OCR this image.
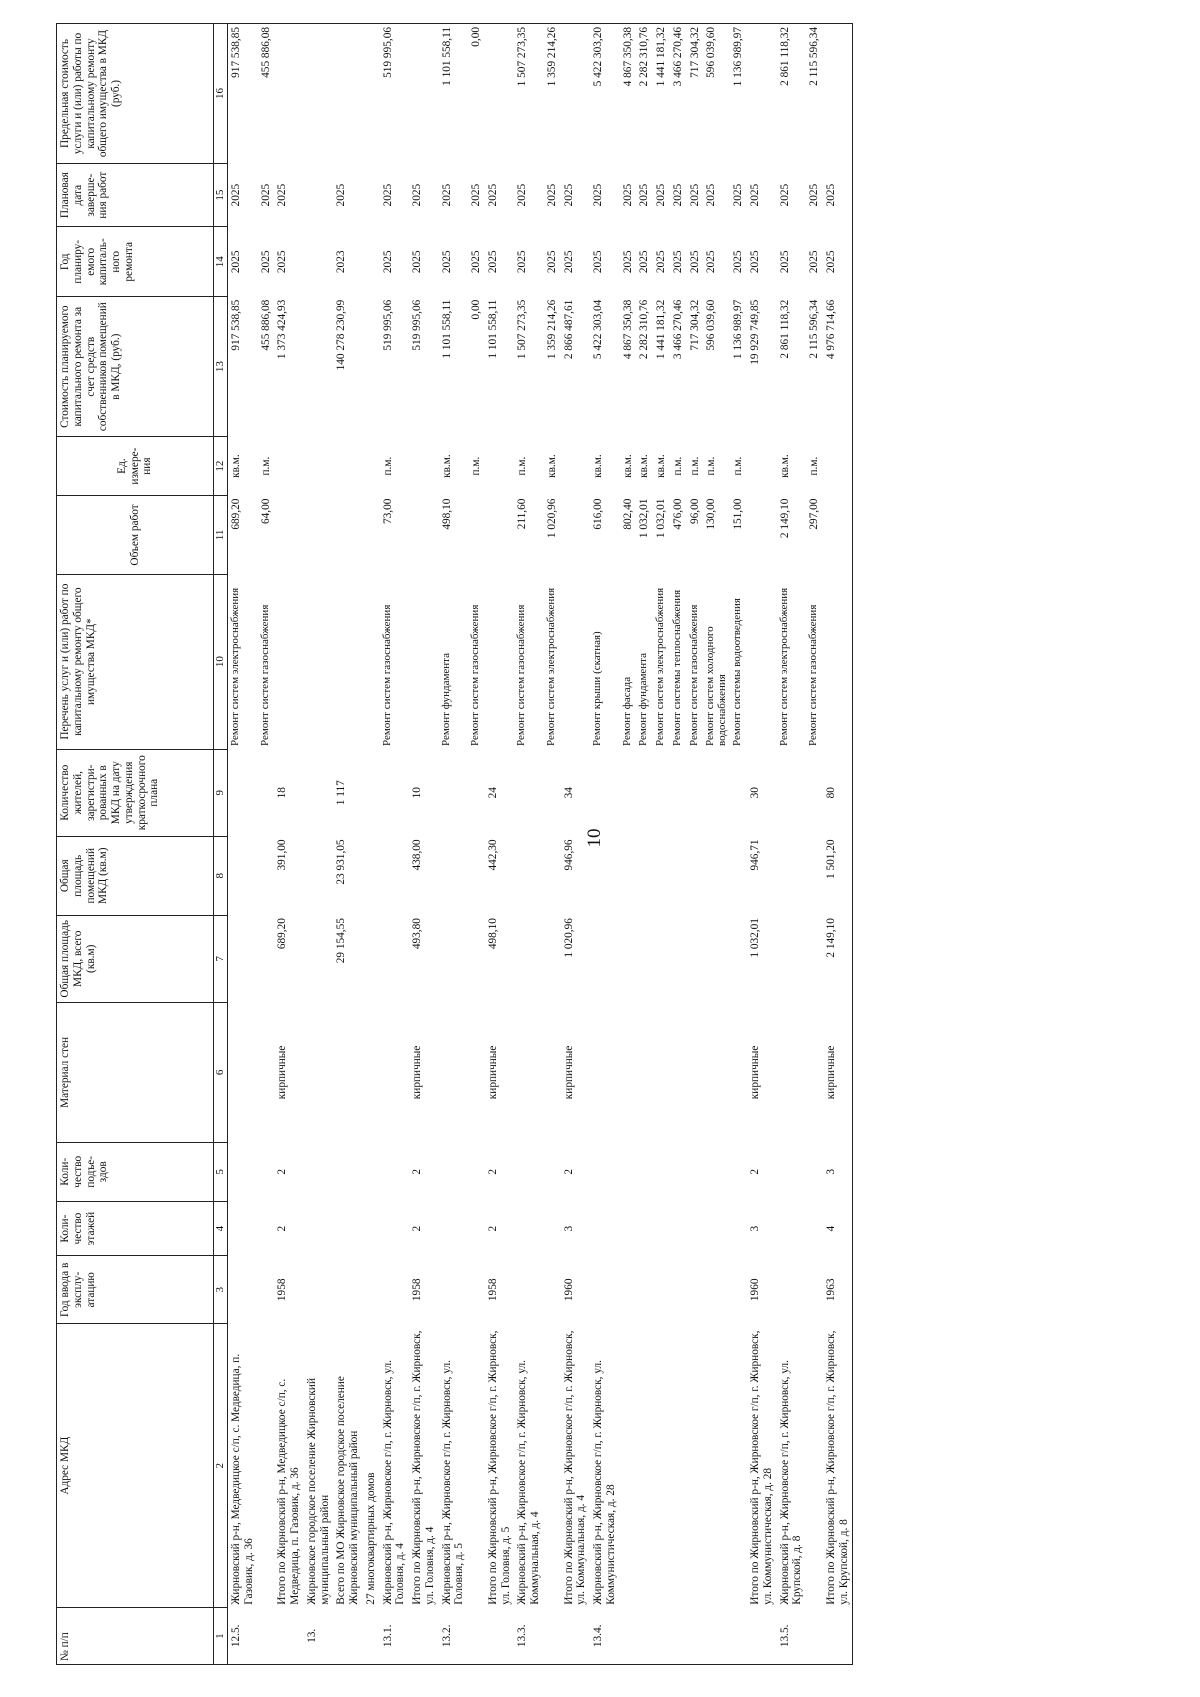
10
№ п/п	Адрес МКД	Год ввода в эксплу-атацию	Коли-чество этажей	Коли-чество подъе-здов	Материал стен	Общая площадь МКД, всего (кв.м)	Общая площадь помещений МКД (кв.м)	Количество жителей, зарегистри-рованных в МКД на дату утверждения краткосрочного плана	Перечень услуг и (или) работ по капитальному ремонту общего имущества МКД*	Объем работ	Ед. измере-ния	Стоимость планируемого капитального ремонта за счет средств собственников помещений в МКД, (руб.)	Год планиру-емого капиталь-ного ремонта	Плановая дата заверше-ния работ	Предельная стоимость услуги и (или) работы по капитальному ремонту общего имущества в МКД (руб.)
1	2	3	4	5	6	7	8	9	10	11	12	13	14	15	16
12.5.	Жирновский р-н, Медведицкое с/п, с. Медведица, п. Газовик, д. 36								Ремонт систем электроснабжения	689,20	кв.м.	917 538,85	2025	2025	917 538,85
									Ремонт систем газоснабжения	64,00	п.м.	455 886,08	2025	2025	455 886,08
	Итого по Жирновский р-н, Медведицкое с/п, с. Медведица, п. Газовик, д. 36	1958	2	2	кирпичные	689,20	391,00	18				1 373 424,93	2025	2025	
13.	Жирновское городское поселение Жирновский муниципальный район														
	Всего по МО Жирновское городское поселение Жирновский муниципальный район					29 154,55	23 931,05	1 117				140 278 230,99	2023	2025	
	27 многоквартирных домов														
13.1.	Жирновский р-н, Жирновское г/п, г. Жирновск, ул. Головня, д. 4								Ремонт систем газоснабжения	73,00	п.м.	519 995,06	2025	2025	519 995,06
	Итого по Жирновский р-н, Жирновское г/п, г. Жирновск, ул. Головня, д. 4	1958	2	2	кирпичные	493,80	438,00	10				519 995,06	2025	2025	
13.2.	Жирновский р-н, Жирновское г/п, г. Жирновск, ул. Головня, д. 5								Ремонт фундамента	498,10	кв.м.	1 101 558,11	2025	2025	1 101 558,11
									Ремонт систем газоснабжения		п.м.	0,00	2025	2025	0,00
	Итого по Жирновский р-н, Жирновское г/п, г. Жирновск, ул. Головня, д. 5	1958	2	2	кирпичные	498,10	442,30	24				1 101 558,11	2025	2025	
13.3.	Жирновский р-н, Жирновское г/п, г. Жирновск, ул. Коммунальная, д. 4								Ремонт систем газоснабжения	211,60	п.м.	1 507 273,35	2025	2025	1 507 273,35
									Ремонт систем электроснабжения	1 020,96	кв.м.	1 359 214,26	2025	2025	1 359 214,26
	Итого по Жирновский р-н, Жирновское г/п, г. Жирновск, ул. Коммунальная, д. 4	1960	3	2	кирпичные	1 020,96	946,96	34				2 866 487,61	2025	2025	
13.4.	Жирновский р-н, Жирновское г/п, г. Жирновск, ул. Коммунистическая, д. 28								Ремонт крыши (скатная)	616,00	кв.м.	5 422 303,04	2025	2025	5 422 303,20
									Ремонт фасада	802,40	кв.м.	4 867 350,38	2025	2025	4 867 350,38
									Ремонт фундамента	1 032,01	кв.м.	2 282 310,76	2025	2025	2 282 310,76
									Ремонт систем электроснабжения	1 032,01	кв.м.	1 441 181,32	2025	2025	1 441 181,32
									Ремонт системы теплоснабжения	476,00	п.м.	3 466 270,46	2025	2025	3 466 270,46
									Ремонт систем газоснабжения	96,00	п.м.	717 304,32	2025	2025	717 304,32
									Ремонт систем холодного водоснабжения	130,00	п.м.	596 039,60	2025	2025	596 039,60
									Ремонт системы водоотведения	151,00	п.м.	1 136 989,97	2025	2025	1 136 989,97
	Итого по Жирновский р-н, Жирновское г/п, г. Жирновск, ул. Коммунистическая, д. 28	1960	3	2	кирпичные	1 032,01	946,71	30				19 929 749,85	2025	2025	
13.5.	Жирновский р-н, Жирновское г/п, г. Жирновск, ул. Крупской, д. 8								Ремонт систем электроснабжения	2 149,10	кв.м.	2 861 118,32	2025	2025	2 861 118,32
									Ремонт систем газоснабжения	297,00	п.м.	2 115 596,34	2025	2025	2 115 596,34
	Итого по Жирновский р-н, Жирновское г/п, г. Жирновск, ул. Крупской, д. 8	1963	4	3	кирпичные	2 149,10	1 501,20	80				4 976 714,66	2025	2025	
